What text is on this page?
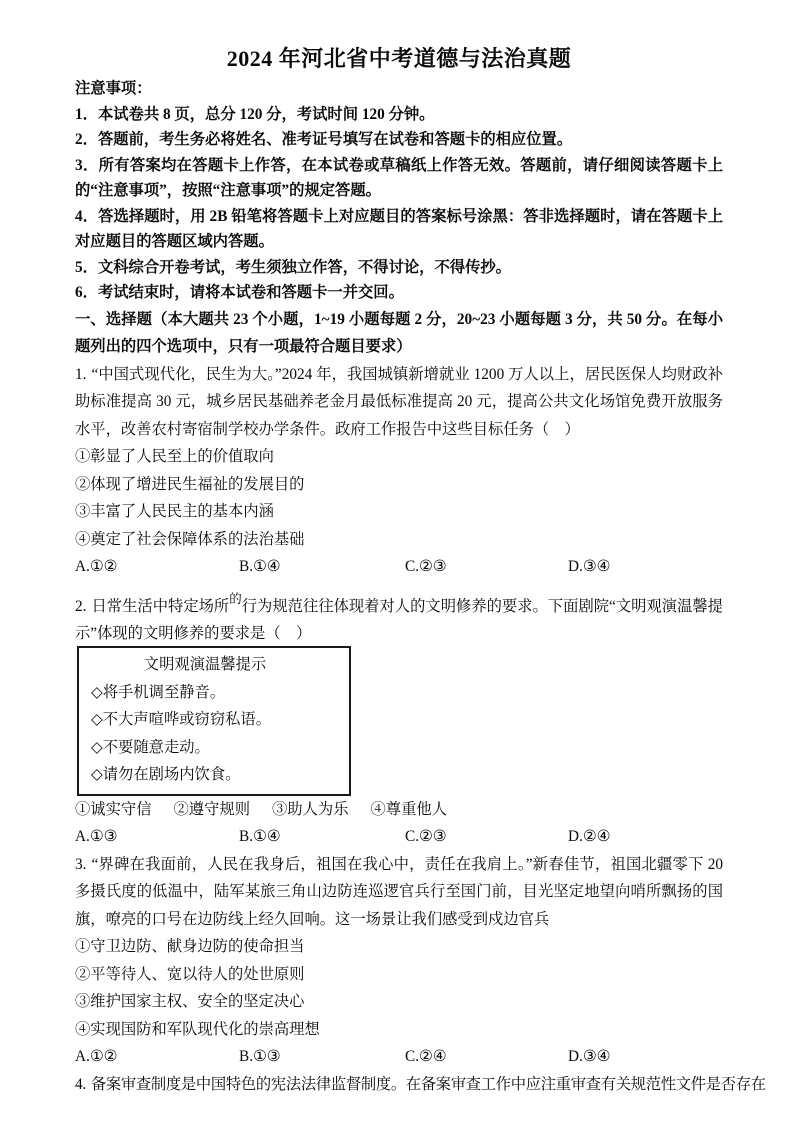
2024 年河北省中考道德与法治真题

注意事项：

1．本试卷共 8 页，总分 120 分，考试时间 120 分钟。

2．答题前，考生务必将姓名、准考证号填写在试卷和答题卡的相应位置。

3．所有答案均在答题卡上作答，在本试卷或草稿纸上作答无效。答题前，请仔细阅读答题卡上的“注意事项”，按照“注意事项”的规定答题。

4．答选择题时，用 2B 铅笔将答题卡上对应题目的答案标号涂黑：答非选择题时，请在答题卡上对应题目的答题区域内答题。

5．文科综合开卷考试，考生须独立作答，不得讨论，不得传抄。

6．考试结束时，请将本试卷和答题卡一并交回。

一、选择题（本大题共 23 个小题，1~19 小题每题 2 分，20~23 小题每题 3 分，共 50 分。在每小题列出的四个选项中，只有一项最符合题目要求）

1. “中国式现代化，民生为大。”2024 年，我国城镇新增就业 1200 万人以上，居民医保人均财政补助标准提高 30 元，城乡居民基础养老金月最低标准提高 20 元，提高公共文化场馆免费开放服务水平，改善农村寄宿制学校办学条件。政府工作报告中这些目标任务（　）

①彰显了人民至上的价值取向

②体现了增进民生福祉的发展目的

③丰富了人民民主的基本内涵

④奠定了社会保障体系的法治基础

A.①②	B.①④	C.②③	D.③④

2. 日常生活中特定场所$^的$行为规范往往体现着对人的文明修养的要求。下面剧院“文明观演温馨提示”体现的文明修养的要求是（　）

文明观演温馨提示

◇将手机调至静音。

◇不大声喧哗或窃窃私语。

◇不要随意走动。

◇请勿在剧场内饮食。

①诚实守信 ②遵守规则 ③助人为乐 ④尊重他人
A.①③	B.①④	C.②③	D.②④

3. “界碑在我面前，人民在我身后，祖国在我心中，责任在我肩上。”新春佳节，祖国北疆零下 20 多摄氏度的低温中，陆军某旅三角山边防连巡逻官兵行至国门前，目光坚定地望向哨所飘扬的国旗，嘹亮的口号在边防线上经久回响。这一场景让我们感受到戍边官兵

①守卫边防、献身边防的使命担当

②平等待人、宽以待人的处世原则

③维护国家主权、安全的坚定决心

④实现国防和军队现代化的崇高理想

A.①②	B.①③	C.②④	D.③④

4. 备案审查制度是中国特色的宪法法律监督制度。在备案审查工作中应注重审查有关规范性文件是否存在
